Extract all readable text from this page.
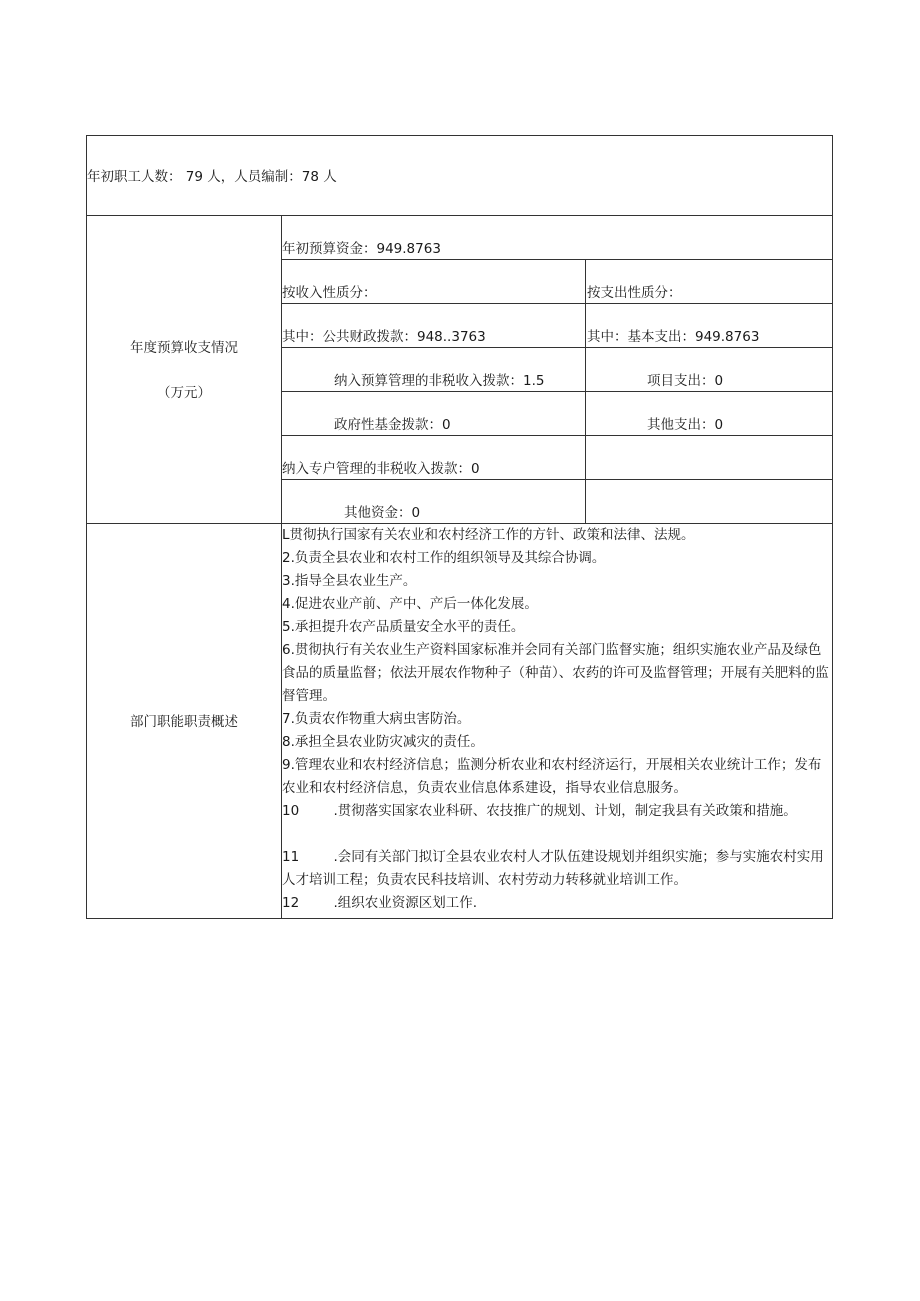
年初职工人数： 79 人，人员编制：78 人
年度预算收支情况
（万元）
年初预算资金：949.8763
按收入性质分：	按支出性质分：
其中：公共财政拨款：948..3763	其中：基本支出：949.8763
纳入预算管理的非税收入拨款：1.5	项目支出：0
政府性基金拨款：0	其他支出：0
纳入专户管理的非税收入拨款：0
其他资金：0
部门职能职责概述
L贯彻执行国家有关农业和农村经济工作的方针、政策和法律、法规。
2.负责全县农业和农村工作的组织领导及其综合协调。
3.指导全县农业生产。
4.促进农业产前、产中、产后一体化发展。
5.承担提升农产品质量安全水平的责任。
6.贯彻执行有关农业生产资料国家标准并会同有关部门监督实施；组织实施农业产品及绿色食品的质量监督；依法开展农作物种子（种苗）、农药的许可及监督管理；开展有关肥料的监督管理。
7.负责农作物重大病虫害防治。
8.承担全县农业防灾减灾的责任。
9.管理农业和农村经济信息；监测分析农业和农村经济运行，开展相关农业统计工作；发布农业和农村经济信息，负责农业信息体系建设，指导农业信息服务。
10        .贯彻落实国家农业科研、农技推广的规划、计划，制定我县有关政策和措施。
11        .会同有关部门拟订全县农业农村人才队伍建设规划并组织实施；参与实施农村实用人才培训工程；负责农民科技培训、农村劳动力转移就业培训工作。
12        .组织农业资源区划工作.
